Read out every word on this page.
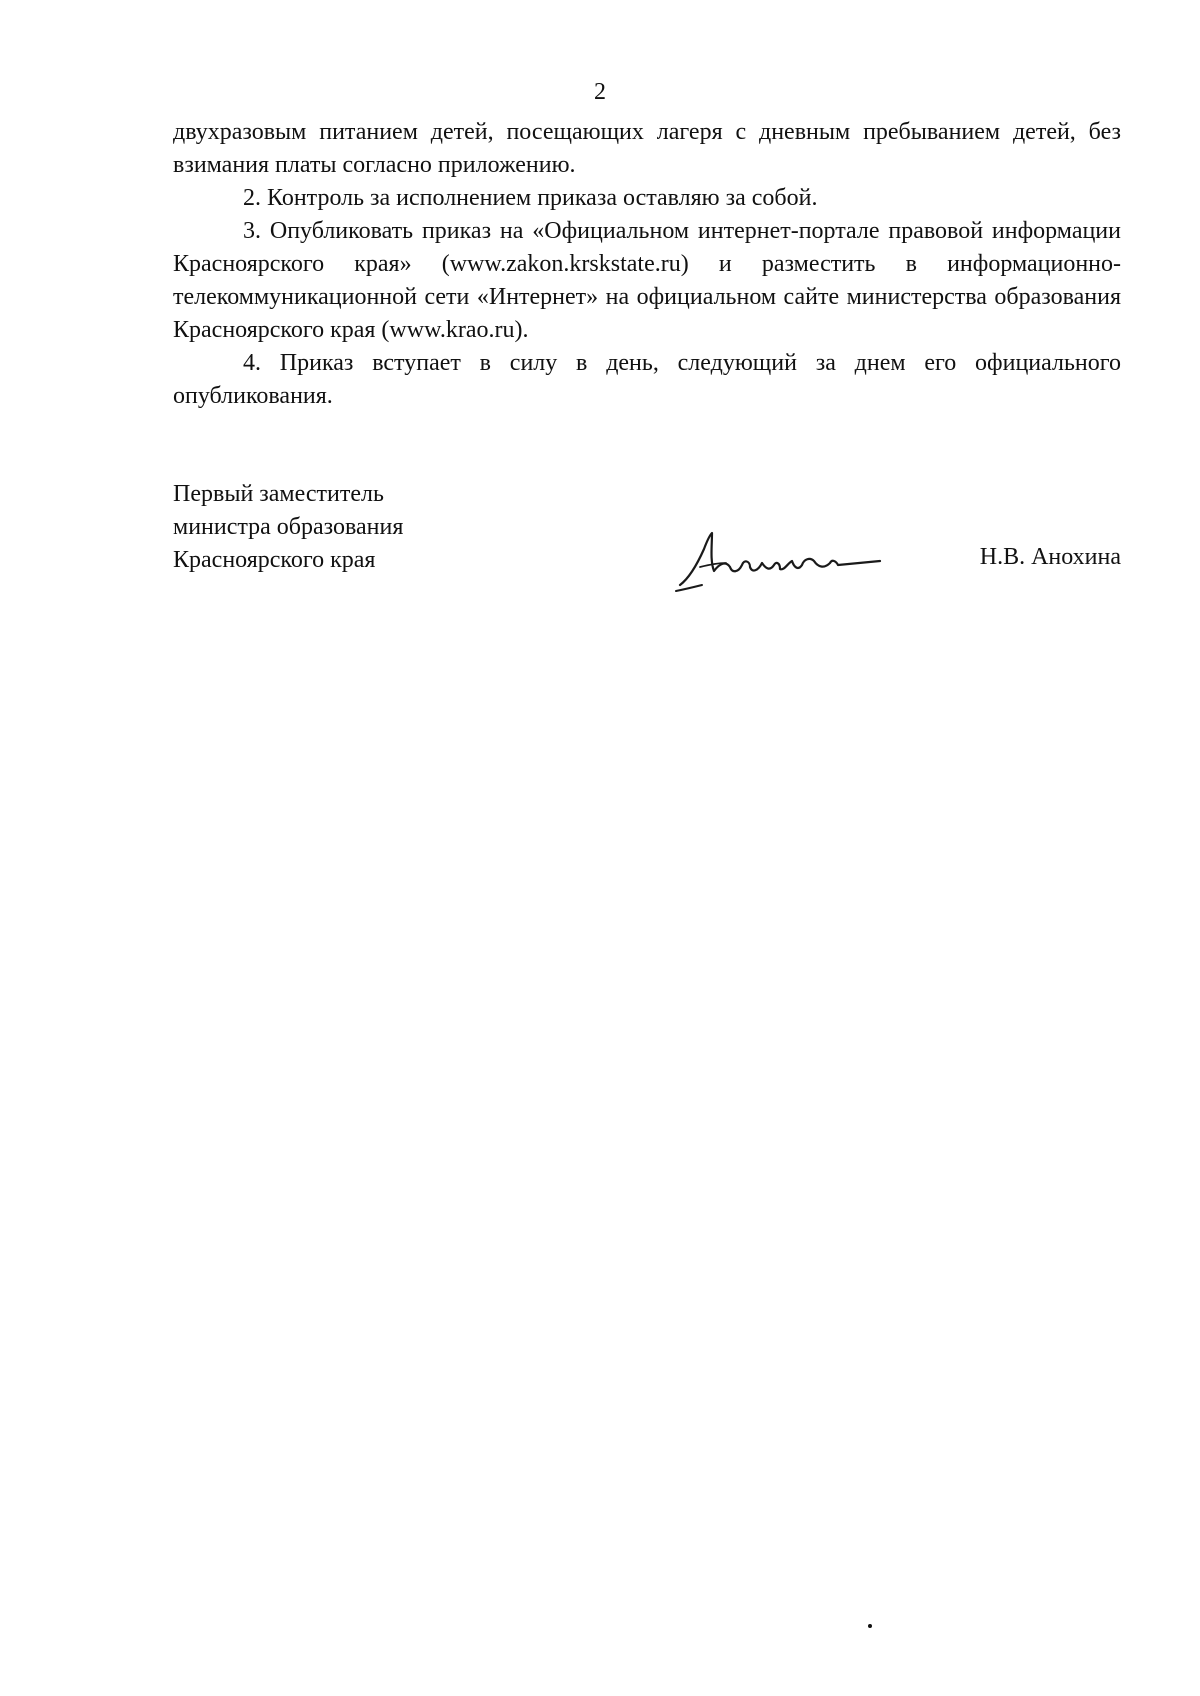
2

двухразовым питанием детей, посещающих лагеря с дневным пребыванием детей, без взимания платы согласно приложению.

2. Контроль за исполнением приказа оставляю за собой.

3. Опубликовать приказ на «Официальном интернет-портале правовой информации Красноярского края» (www.zakon.krskstate.ru) и разместить в информационно-телекоммуникационной сети «Интернет» на официальном сайте министерства образования Красноярского края (www.krao.ru).

4. Приказ вступает в силу в день, следующий за днем его официального опубликования.

Первый заместитель
министра образования
Красноярского края	Н.В. Анохина
